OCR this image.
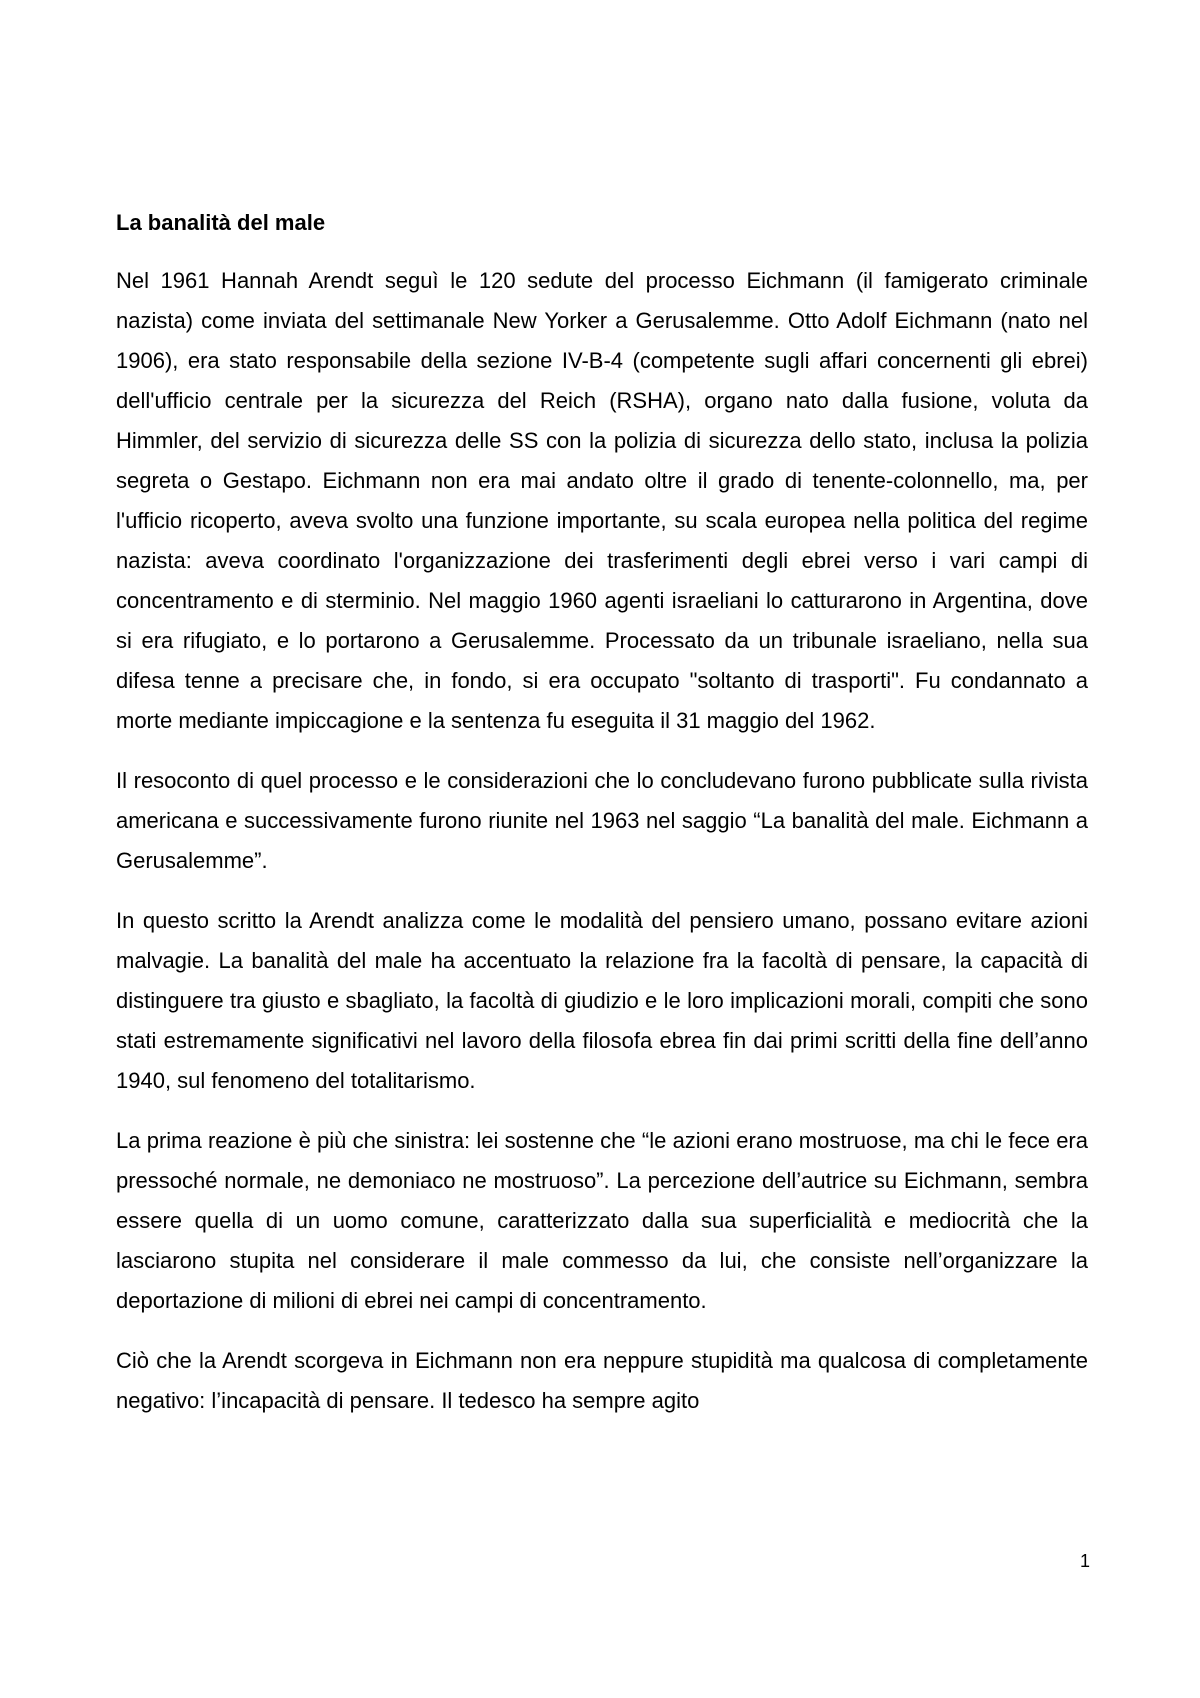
La banalità del male

Nel 1961 Hannah Arendt seguì le 120 sedute del processo Eichmann (il famigerato criminale nazista) come inviata del settimanale New Yorker a Gerusalemme. Otto Adolf Eichmann (nato nel 1906), era stato responsabile della sezione IV-B-4 (competente sugli affari concernenti gli ebrei) dell'ufficio centrale per la sicurezza del Reich (RSHA), organo nato dalla fusione, voluta da Himmler, del servizio di sicurezza delle SS con la polizia di sicurezza dello stato, inclusa la polizia segreta o Gestapo. Eichmann non era mai andato oltre il grado di tenente-colonnello, ma, per l'ufficio ricoperto, aveva svolto una funzione importante, su scala europea nella politica del regime nazista: aveva coordinato l'organizzazione dei trasferimenti degli ebrei verso i vari campi di concentramento e di sterminio. Nel maggio 1960 agenti israeliani lo catturarono in Argentina, dove si era rifugiato, e lo portarono a Gerusalemme. Processato da un tribunale israeliano, nella sua difesa tenne a precisare che, in fondo, si era occupato "soltanto di trasporti". Fu condannato a morte mediante impiccagione e la sentenza fu eseguita il 31 maggio del 1962.

Il resoconto di quel processo e le considerazioni che lo concludevano furono pubblicate sulla rivista americana e successivamente furono riunite nel 1963 nel saggio “La banalità del male. Eichmann a Gerusalemme”.

In questo scritto la Arendt analizza come le modalità del pensiero umano, possano evitare azioni malvagie. La banalità del male ha accentuato la relazione fra la facoltà di pensare, la capacità di distinguere tra giusto e sbagliato, la facoltà di giudizio e le loro implicazioni morali, compiti che sono stati estremamente significativi nel lavoro della filosofa ebrea fin dai primi scritti della fine dell’anno 1940, sul fenomeno del totalitarismo.

La prima reazione è più che sinistra: lei sostenne che “le azioni erano mostruose, ma chi le fece era pressoché normale, ne demoniaco ne mostruoso”. La percezione dell’autrice su Eichmann, sembra essere quella di un uomo comune, caratterizzato dalla sua superficialità e mediocrità che la lasciarono stupita nel considerare il male commesso da lui, che consiste nell’organizzare la deportazione di milioni di ebrei nei campi di concentramento.

Ciò che la Arendt scorgeva in Eichmann non era neppure stupidità ma qualcosa di completamente negativo: l’incapacità di pensare. Il tedesco ha sempre agito

1
